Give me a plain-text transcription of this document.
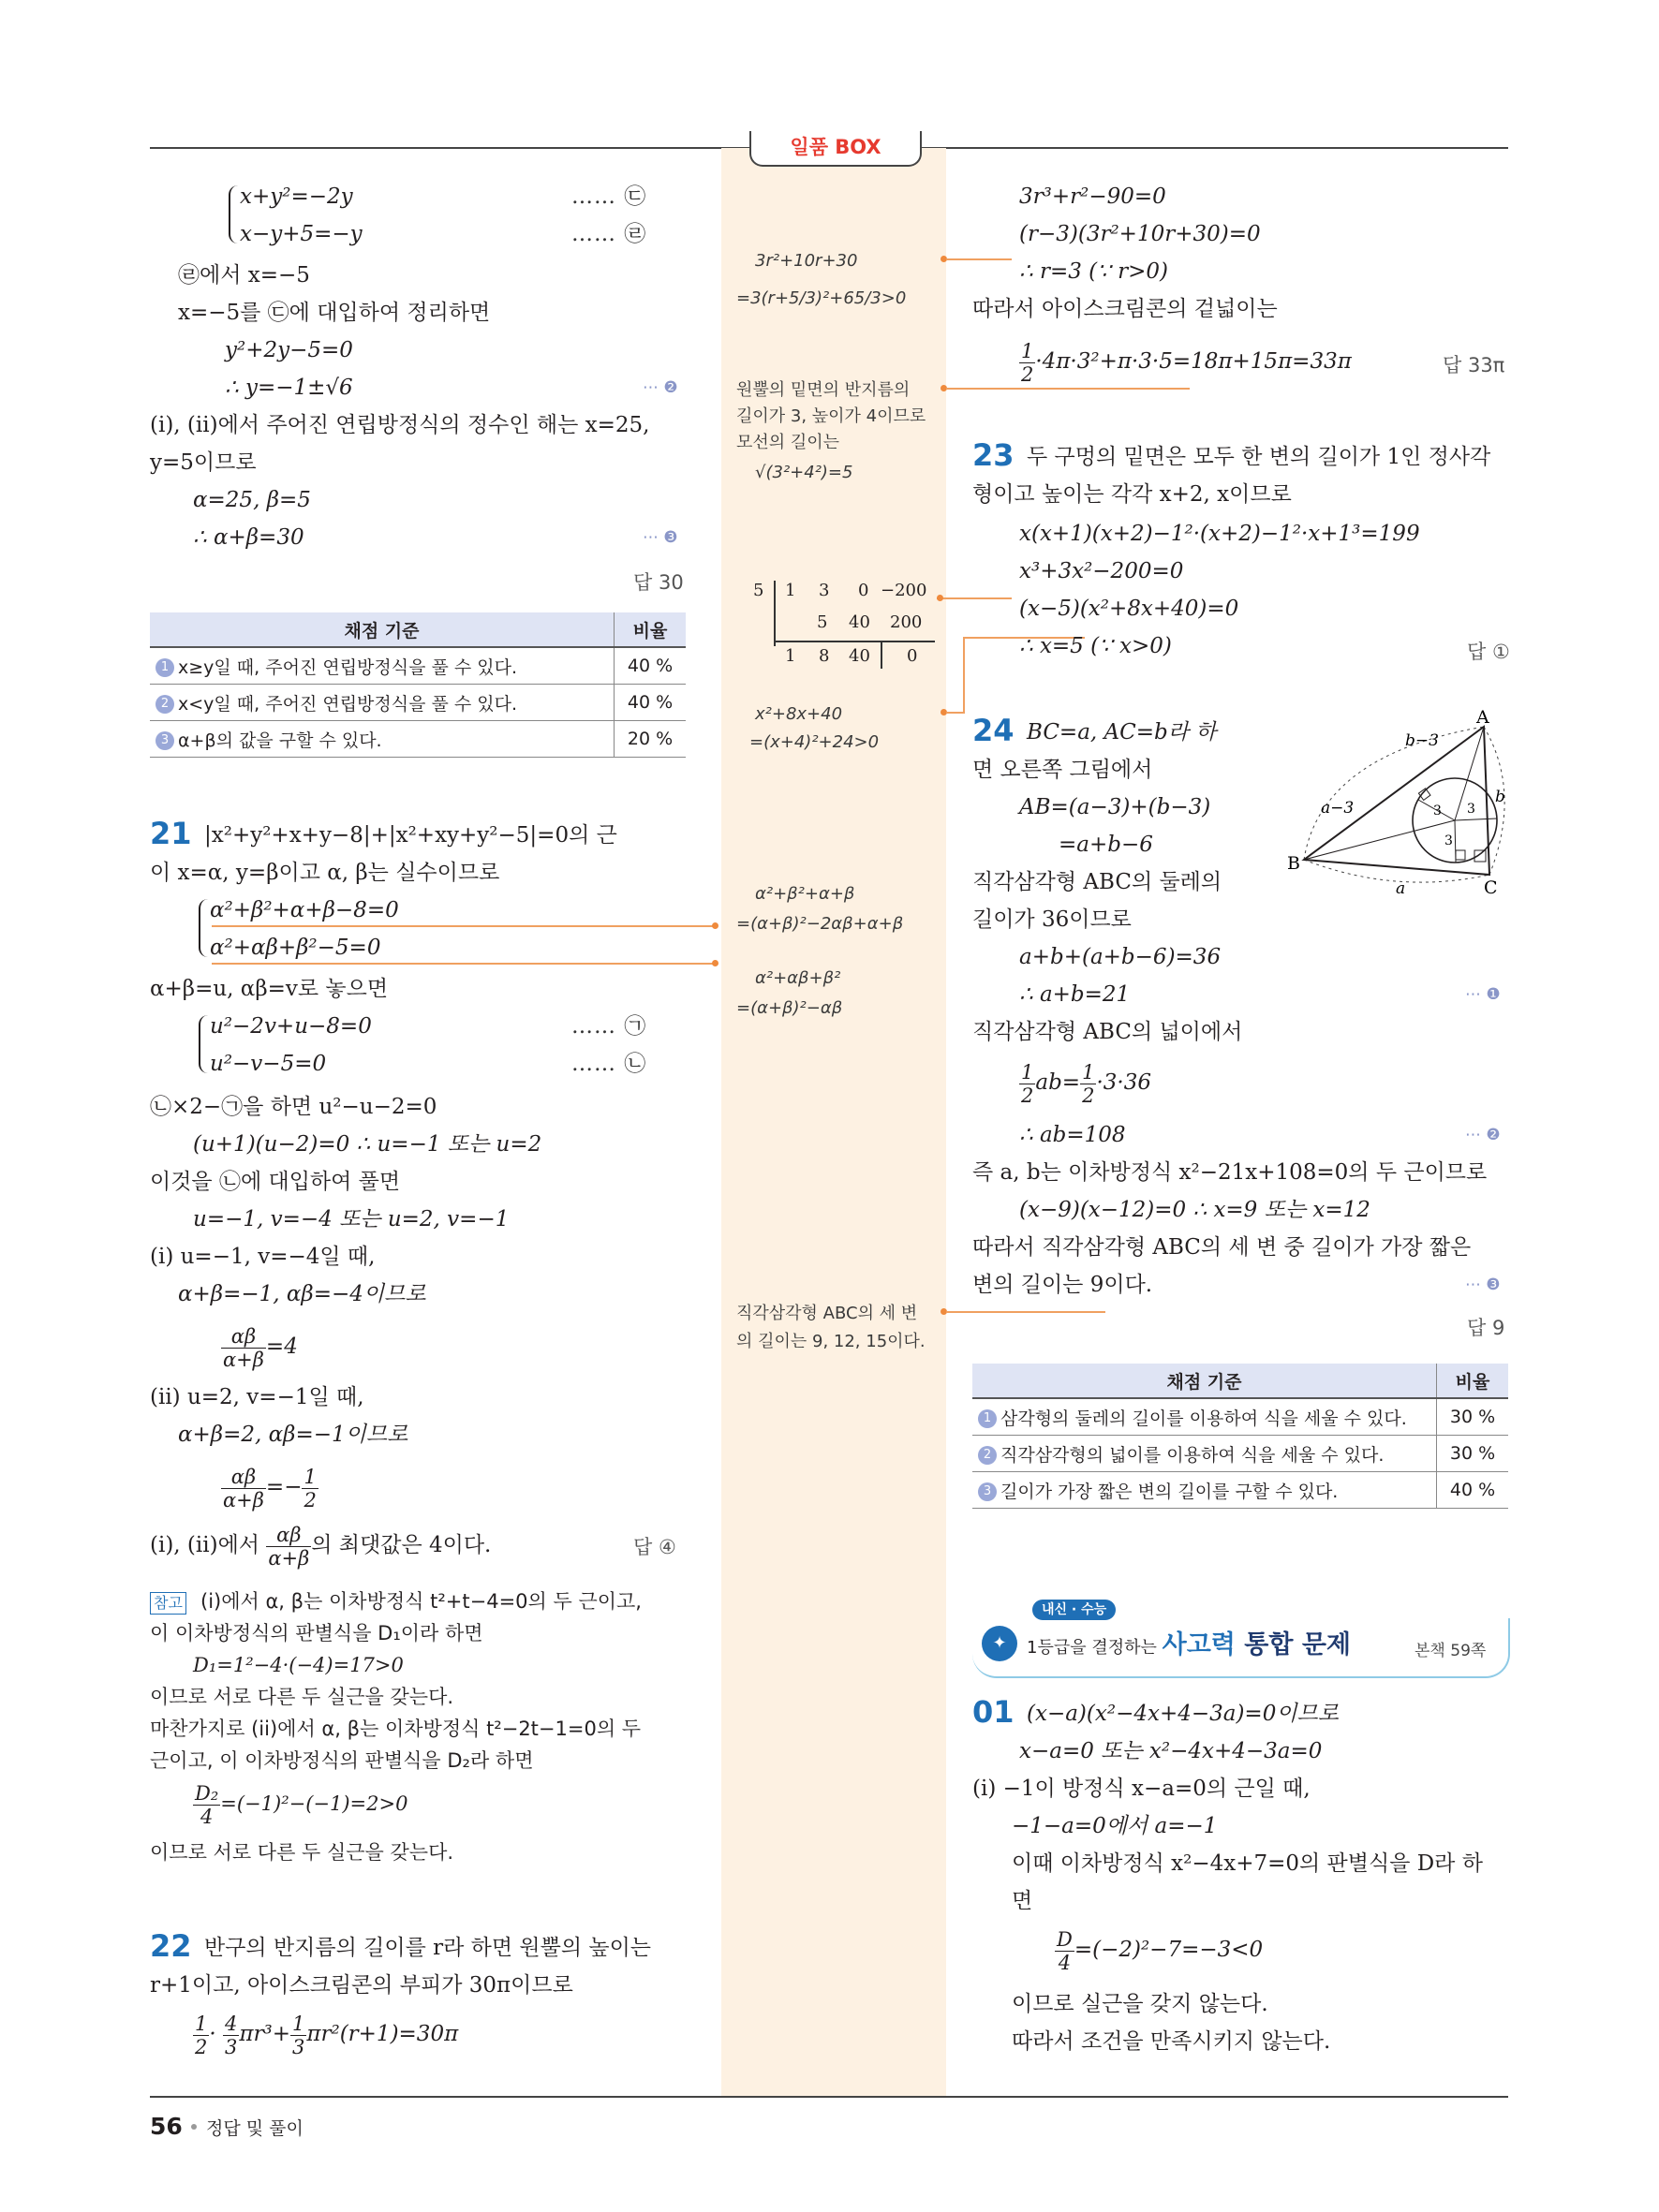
일품 BOX
x+y²=−2y
x−y+5=−y
…… ㉢
…… ㉣
㉣에서 x=−5
x=−5를 ㉢에 대입하여 정리하면
y²+2y−5=0
∴ y=−1±√6	⋯ ❷
(i), (ii)에서 주어진 연립방정식의 정수인 해는 x=25,
y=5이므로
α=25, β=5
∴ α+β=30	⋯ ❸
답 30
채점 기준	비율
1 x≥y일 때, 주어진 연립방정식을 풀 수 있다.	40 %
2 x<y일 때, 주어진 연립방정식을 풀 수 있다.	40 %
3 α+β의 값을 구할 수 있다.	20 %
21 |x²+y²+x+y−8|+|x²+xy+y²−5|=0의 근
이 x=α, y=β이고 α, β는 실수이므로
α²+β²+α+β−8=0
α²+αβ+β²−5=0
α+β=u, αβ=v로 놓으면
u²−2v+u−8=0
u²−v−5=0
…… ㉠
…… ㉡
㉡×2−㉠을 하면 u²−u−2=0
(u+1)(u−2)=0 ∴ u=−1 또는 u=2
이것을 ㉡에 대입하여 풀면
u=−1, v=−4 또는 u=2, v=−1
(i) u=−1, v=−4일 때,
α+β=−1, αβ=−4이므로
$\frac{\alpha\beta}{\alpha+\beta} =4$
(ii) u=2, v=−1일 때,
α+β=2, αβ=−1이므로
$\frac{\alpha\beta}{\alpha+\beta} =- \frac{1}{2}$
(i), (ii)에서 $\frac{\alpha\beta}{\alpha+\beta}$ 의 최댓값은 4이다.	답 ④
참고 (i)에서 α, β는 이차방정식 t²+t−4=0의 두 근이고,
이 이차방정식의 판별식을 D₁이라 하면
D₁=1²−4·(−4)=17>0
이므로 서로 다른 두 실근을 갖는다.
마찬가지로 (ii)에서 α, β는 이차방정식 t²−2t−1=0의 두
근이고, 이 이차방정식의 판별식을 D₂라 하면
$\frac{\text{D₂}}{4} =(-1)^2-(-1)=2>0$
이므로 서로 다른 두 실근을 갖는다.
22 반구의 반지름의 길이를 r라 하면 원뿔의 높이는
r+1이고, 아이스크림콘의 부피가 30π이므로
$\frac{1}{2} \cdot \frac{4}{3} \pi r^3+ \frac{1}{3} \pi r^2(r+1)=30\pi$
3r²+10r+30
=3(r+5/3)²+65/3>0
원뿔의 밑면의 반지름의
길이가 3, 높이가 4이므로
모선의 길이는
√(3²+4²)=5
5 1 3 0 −200
5 40 200
1 8 40 0
x²+8x+40
=(x+4)²+24>0
α²+β²+α+β
=(α+β)²−2αβ+α+β
α²+αβ+β²
=(α+β)²−αβ
직각삼각형 ABC의 세 변
의 길이는 9, 12, 15이다.
3r³+r²−90=0
(r−3)(3r²+10r+30)=0
∴ r=3 (∵ r>0)
따라서 아이스크림콘의 겉넓이는
$\frac{1}{2} \cdot 4\pi\cdot 3^2+\pi\cdot 3\cdot 5=18\pi+15\pi=33\pi$	답 33π
23 두 구멍의 밑면은 모두 한 변의 길이가 1인 정사각
형이고 높이는 각각 x+2, x이므로
x(x+1)(x+2)−1²·(x+2)−1²·x+1³=199
x³+3x²−200=0
(x−5)(x²+8x+40)=0
∴ x=5 (∵ x>0)	답 ①
24 BC=a, AC=b라 하
면 오른쪽 그림에서
AB=(a−3)+(b−3)
=a+b−6
직각삼각형 ABC의 둘레의
길이가 36이므로
a+b+(a+b−6)=36
∴ a+b=21	⋯ ❶
직각삼각형 ABC의 넓이에서
$\frac{1}{2} ab= \frac{1}{2} \cdot 3\cdot 36$
∴ ab=108	⋯ ❷
즉 a, b는 이차방정식 x²−21x+108=0의 두 근이므로
(x−9)(x−12)=0 ∴ x=9 또는 x=12
따라서 직각삼각형 ABC의 세 변 중 길이가 가장 짧은
변의 길이는 9이다.	⋯ ❸
답 9
A
B
C
a
b
a−3
b−3
3 3
3
채점 기준	비율
1 삼각형의 둘레의 길이를 이용하여 식을 세울 수 있다.	30 %
2 직각삼각형의 넓이를 이용하여 식을 세울 수 있다.	30 %
3 길이가 가장 짧은 변의 길이를 구할 수 있다.	40 %
내신 · 수능
✦	1등급을 결정하는 사고력 통합 문제	본책 59쪽
01 (x−a)(x²−4x+4−3a)=0이므로
x−a=0 또는 x²−4x+4−3a=0
(i) −1이 방정식 x−a=0의 근일 때,
−1−a=0에서 a=−1
이때 이차방정식 x²−4x+7=0의 판별식을 D라 하
면
$\frac{D}{4} =(-2)^2-7=-3<0$
이므로 실근을 갖지 않는다.
따라서 조건을 만족시키지 않는다.
56 정답 및 풀이
